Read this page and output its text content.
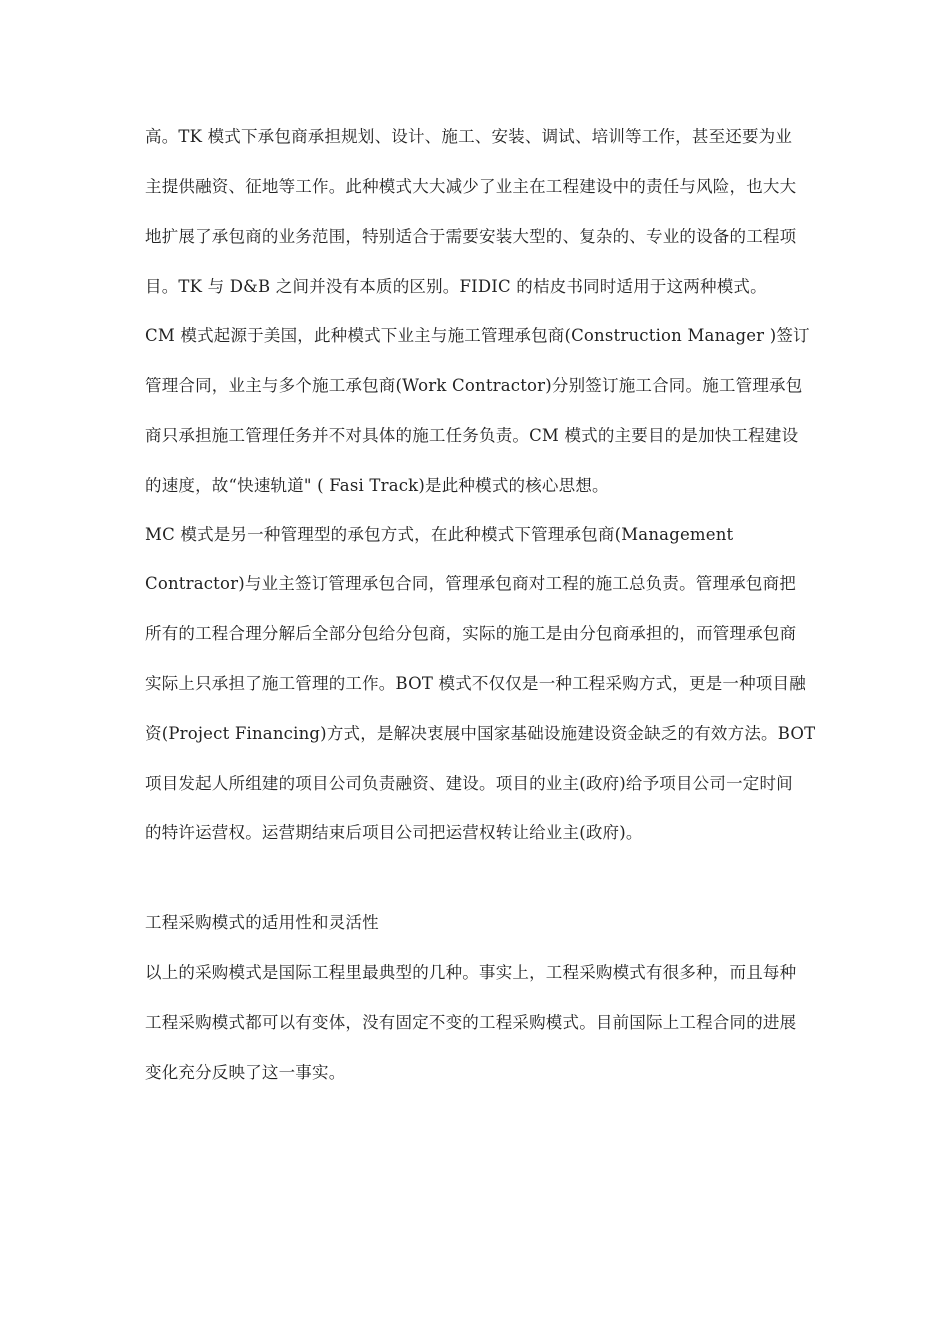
高。TK 模式下承包商承担规划、设计、施工、安装、调试、培训等工作，甚至还要为业
主提供融资、征地等工作。此种模式大大减少了业主在工程建设中的责任与风险，也大大
地扩展了承包商的业务范围，特别适合于需要安装大型的、复杂的、专业的设备的工程项
目。TK 与 D&B 之间并没有本质的区别。FIDIC 的桔皮书同时适用于这两种模式。
CM 模式起源于美国，此种模式下业主与施工管理承包商(Construction Manager )签订
管理合同，业主与多个施工承包商(Work Contractor)分别签订施工合同。施工管理承包
商只承担施工管理任务并不对具体的施工任务负责。CM 模式的主要目的是加快工程建设
的速度，故“快速轨道" ( Fasi Track)是此种模式的核心思想。
MC 模式是另一种管理型的承包方式，在此种模式下管理承包商(Management
Contractor)与业主签订管理承包合同，管理承包商对工程的施工总负责。管理承包商把
所有的工程合理分解后全部分包给分包商，实际的施工是由分包商承担的，而管理承包商
实际上只承担了施工管理的工作。BOT 模式不仅仅是一种工程采购方式，更是一种项目融
资(Project Financing)方式，是解决衷展中国家基础设施建设资金缺乏的有效方法。BOT
项目发起人所组建的项目公司负责融资、建设。项目的业主(政府)给予项目公司一定时间
的特许运营权。运营期结束后项目公司把运营权转让给业主(政府)。
工程采购模式的适用性和灵活性
以上的采购模式是国际工程里最典型的几种。事实上，工程采购模式有很多种，而且每种
工程采购模式都可以有变体，没有固定不变的工程采购模式。目前国际上工程合同的进展
变化充分反映了这一事实。
